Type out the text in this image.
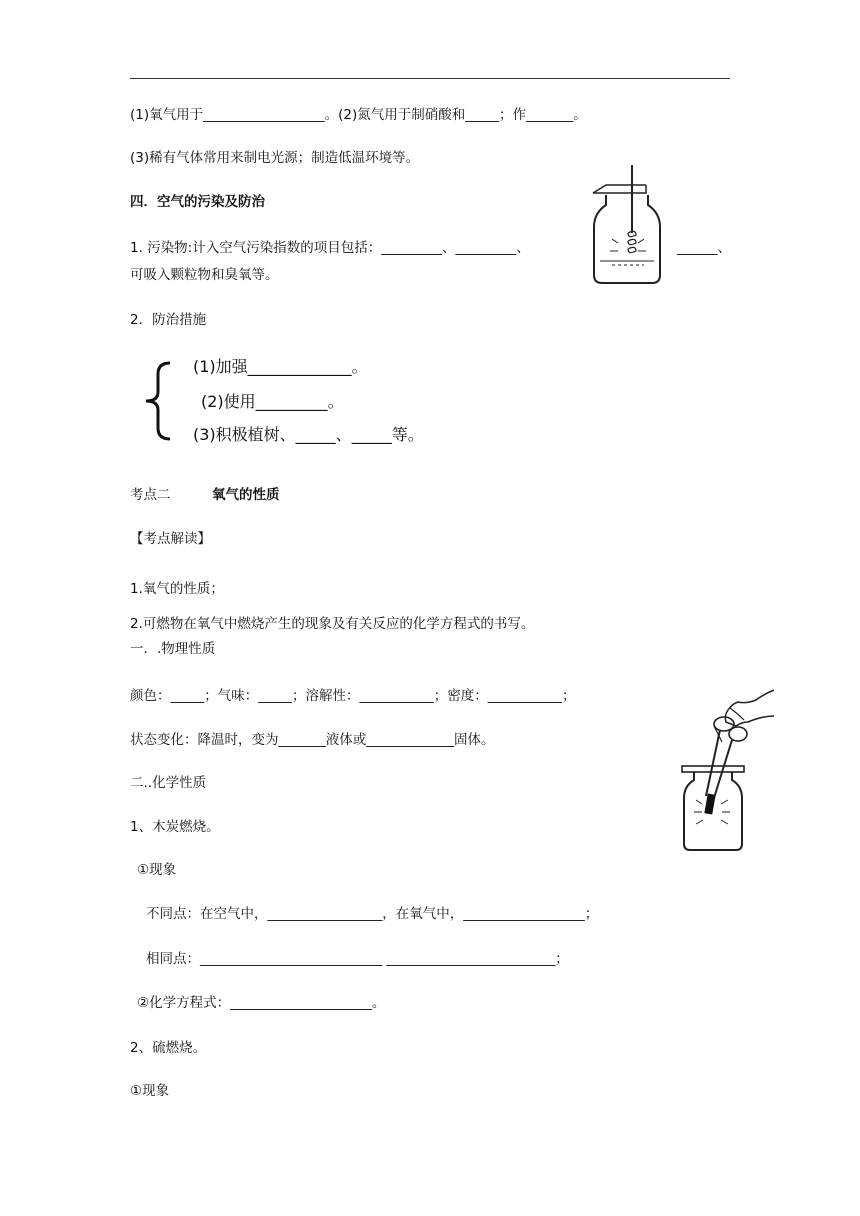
(1)氧气用于__________________。(2)氮气用于制硝酸和_____；作_______。
(3)稀有气体常用来制电光源；制造低温环境等。
四．空气的污染及防治
1. 污染物:计入空气污染指数的项目包括：_________、_________、	______、
可吸入颗粒物和臭氧等。
2．防治措施
(1)加强_____________。
(2)使用_________。
(3)积极植树、_____、_____等。
考点二	氧气的性质
【考点解读】
1.氧气的性质；
2.可燃物在氧气中燃烧产生的现象及有关反应的化学方程式的书写。
一．.物理性质
颜色：_____；气味：_____；溶解性：___________；密度：___________；
状态变化：降温时，变为_______液体或_____________固体。
二..化学性质
1、木炭燃烧。
①现象
不同点：在空气中，_________________，在氧气中，__________________；
相同点：___________________________ _________________________；
②化学方程式：_____________________。
2、硫燃烧。
①现象
